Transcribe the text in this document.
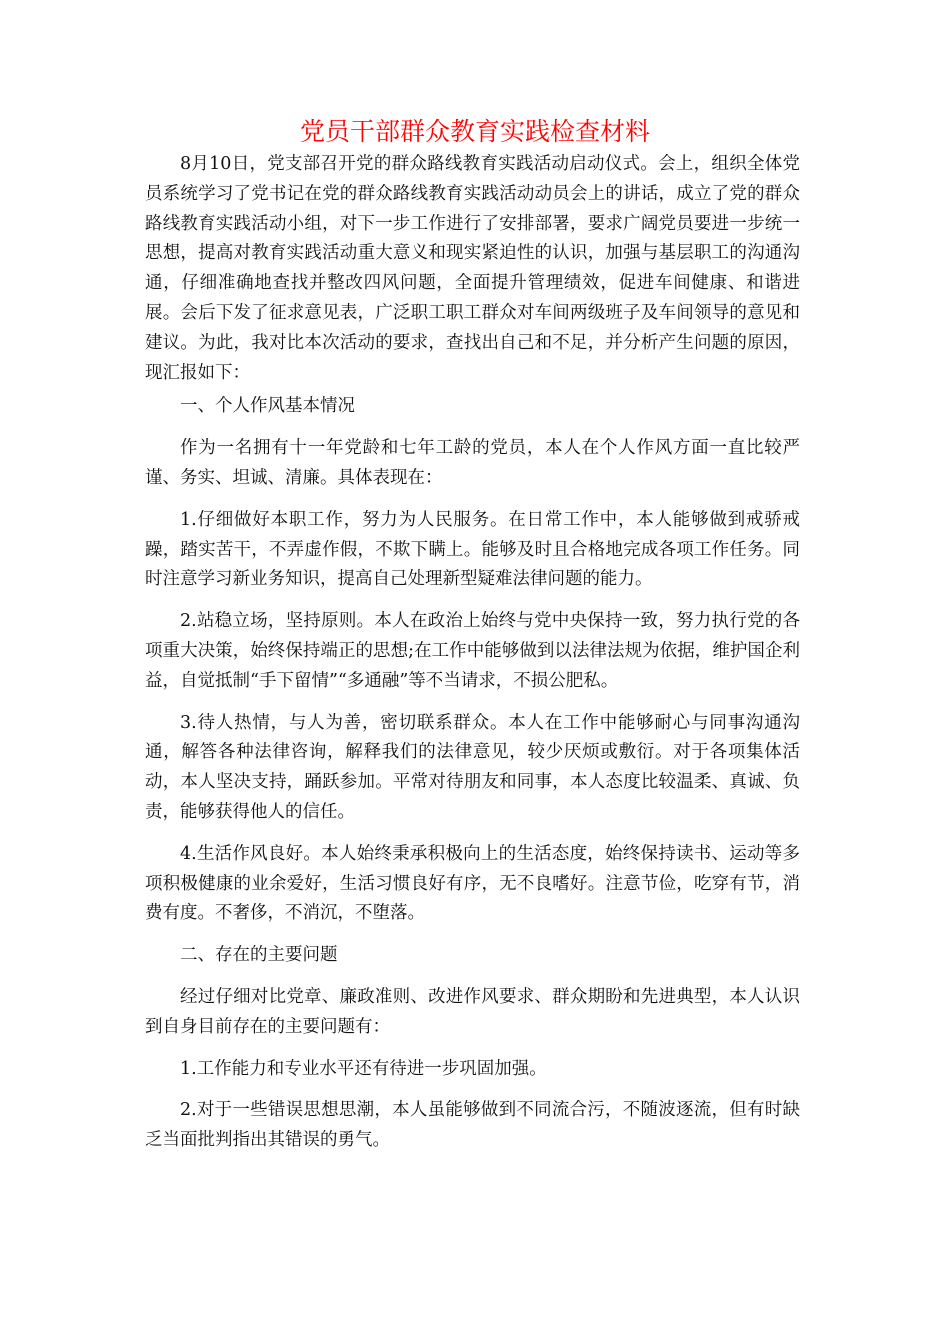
党员干部群众教育实践检查材料

8月10日，党支部召开党的群众路线教育实践活动启动仪式。会上，组织全体党员系统学习了党书记在党的群众路线教育实践活动动员会上的讲话，成立了党的群众路线教育实践活动小组，对下一步工作进行了安排部署，要求广阔党员要进一步统一思想，提高对教育实践活动重大意义和现实紧迫性的认识，加强与基层职工的沟通沟通，仔细准确地查找并整改四风问题，全面提升管理绩效，促进车间健康、和谐进展。会后下发了征求意见表，广泛职工职工群众对车间两级班子及车间领导的意见和建议。为此，我对比本次活动的要求，查找出自己和不足，并分析产生问题的原因，现汇报如下：

一、个人作风基本情况

作为一名拥有十一年党龄和七年工龄的党员，本人在个人作风方面一直比较严谨、务实、坦诚、清廉。具体表现在：

1.仔细做好本职工作，努力为人民服务。在日常工作中，本人能够做到戒骄戒躁，踏实苦干，不弄虚作假，不欺下瞒上。能够及时且合格地完成各项工作任务。同时注意学习新业务知识，提高自己处理新型疑难法律问题的能力。

2.站稳立场，坚持原则。本人在政治上始终与党中央保持一致，努力执行党的各项重大决策，始终保持端正的思想;在工作中能够做到以法律法规为依据，维护国企利益，自觉抵制“手下留情”“多通融”等不当请求，不损公肥私。

3.待人热情，与人为善，密切联系群众。本人在工作中能够耐心与同事沟通沟通，解答各种法律咨询，解释我们的法律意见，较少厌烦或敷衍。对于各项集体活动，本人坚决支持，踊跃参加。平常对待朋友和同事，本人态度比较温柔、真诚、负责，能够获得他人的信任。

4.生活作风良好。本人始终秉承积极向上的生活态度，始终保持读书、运动等多项积极健康的业余爱好，生活习惯良好有序，无不良嗜好。注意节俭，吃穿有节，消费有度。不奢侈，不消沉，不堕落。

二、存在的主要问题

经过仔细对比党章、廉政准则、改进作风要求、群众期盼和先进典型，本人认识到自身目前存在的主要问题有：

1.工作能力和专业水平还有待进一步巩固加强。

2.对于一些错误思想思潮，本人虽能够做到不同流合污，不随波逐流，但有时缺乏当面批判指出其错误的勇气。
